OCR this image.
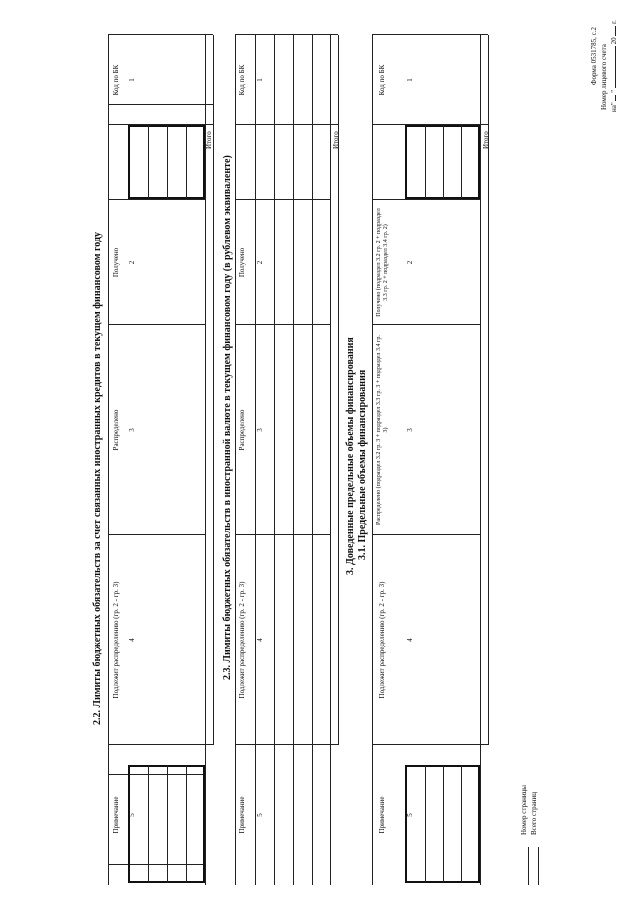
Форма 0531785, с.2 Номер лицевого счета на"  "  20  г.
2.2. Лимиты бюджетных обязательств за счет связанных иностранных кредитов в текущем финансовом году
Код по БК
Получено
Распределено
Подлежит распределению (гр. 2 - гр. 3)
Примечание
1
2
3
4
5
Итого
2.3. Лимиты бюджетных обязательств в иностранной валюте в текущем финансовом году (в рублевом эквиваленте)
Код по БК
Получено
Распределено
Подлежит распределению (гр. 2 - гр. 3)
Примечание
1
2
3
4
5
Итого
3. Доведенные предельные объемы финансирования 3.1. Предельные объемы финансирования
Код по БК
Получено (подраздел 3.2 гр. 2 + подраздел 3.3 гр. 2 + подраздел 3.4 гр. 2)
Распределено (подраздел 3.2 гр. 3 + подраздел 3.3 гр. 3 + подраздел 3.4 гр. 3)
Подлежит распределению (гр. 2 - гр. 3)
Примечание
1
2
3
4
5
Итого
Номер страницы Всего страниц
